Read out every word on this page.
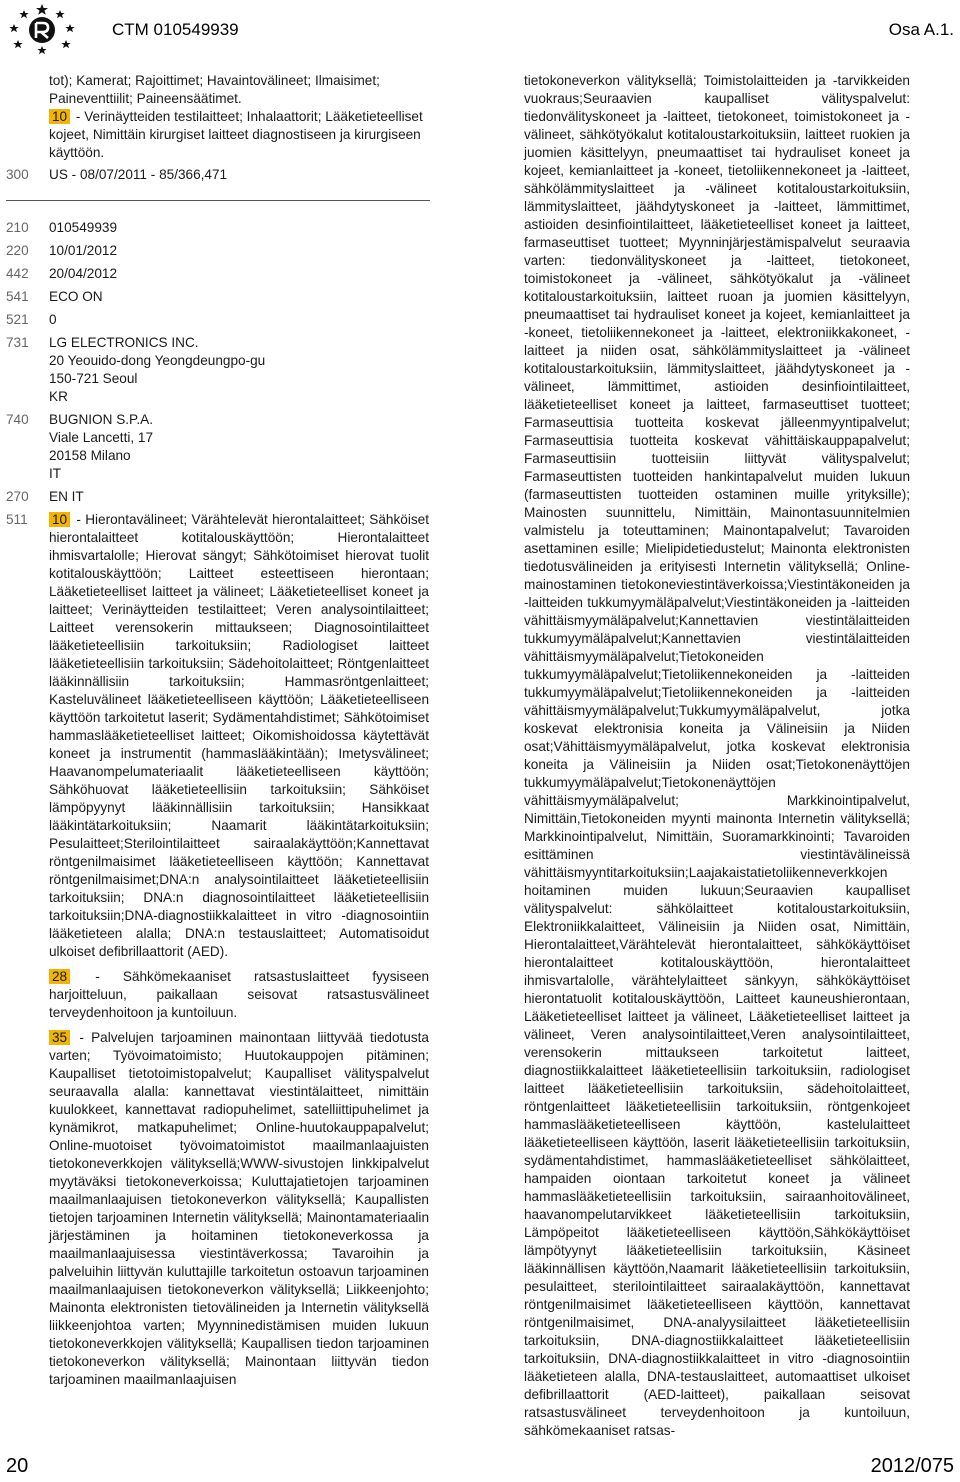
CTM 010549939	Osa A.1.
tot); Kamerat; Rajoittimet; Havaintovälineet; Ilmaisimet; Paineventtiilit; Paineensäätimet.
10 - Verinäytteiden testilaitteet; Inhalaattorit; Lääketieteelliset kojeet, Nimittäin kirurgiset laitteet diagnostiseen ja kirurgiseen käyttöön.
300 US - 08/07/2011 - 85/366,471
210 010549939
220 10/01/2012
442 20/04/2012
541 ECO ON
521 0
731 LG ELECTRONICS INC.
20 Yeouido-dong Yeongdeungpo-gu
150-721 Seoul
KR
740 BUGNION S.P.A.
Viale Lancetti, 17
20158 Milano
IT
270 EN IT
511 10 - Hierontavälineet; Värähtelevät hierontalaitteet; Sähköiset hierontalaitteet kotitalouskäyttöön; Hierontalaitteet ihmisvartalolle; Hierovat sängyt; Sähkötoimiset hierovat tuolit kotitalouskäyttöön; Laitteet esteettiseen hierontaan; Lääketieteelliset laitteet ja välineet; Lääketieteelliset koneet ja laitteet; Verinäytteiden testilaitteet; Veren analysointilaitteet; Laitteet verensokerin mittaukseen; Diagnosointilaitteet lääketieteellisiin tarkoituksiin; Radiologiset laitteet lääketieteellisiin tarkoituksiin; Sädehoitolaitteet; Röntgenlaitteet lääkinnällisiin tarkoituksiin; Hammasröntgenlaitteet; Kasteluvälineet lääketieteelliseen käyttöön; Lääketieteelliseen käyttöön tarkoitetut laserit; Sydämentahdistimet; Sähkötoimiset hammaslääketieteelliset laitteet; Oikomishoidossa käytettävät koneet ja instrumentit (hammaslääkintään); Imetysvälineet; Haavanompelumateriaalit lääketieteelliseen käyttöön; Sähköhuovat lääketieteellisiin tarkoituksiin; Sähköiset lämpöpyynyt lääkinnällisiin tarkoituksiin; Hansikkaat lääkintätarkoituksiin; Naamarit lääkintätarkoituksiin; Pesulaitteet;Sterilointilaitteet sairaalakäyttöön;Kannettavat röntgenilmaisimet lääketieteelliseen käyttöön; Kannettavat röntgenilmaisimet;DNA:n analysointilaitteet lääketieteellisiin tarkoituksiin; DNA:n diagnosointilaitteet lääketieteellisiin tarkoituksiin;DNA-diagnostiikkalaitteet in vitro -diagnosointiin lääketieteen alalla; DNA:n testauslaitteet; Automatisoidut ulkoiset defibrillaattorit (AED).

28 - Sähkömekaaniset ratsastuslaitteet fyysiseen harjoitteluun, paikallaan seisovat ratsastusvälineet terveydenhoitoon ja kuntoiluun.

35 - Palvelujen tarjoaminen mainontaan liittyvää tiedotusta varten; Työvoimatoimisto; Huutokauppojen pitäminen; Kaupalliset tietotoimistopalvelut; Kaupalliset välityspalvelut seuraavalla alalla: kannettavat viestintälaitteet, nimittäin kuulokkeet, kannettavat radiopuhelimet, satelliittipuhelimet ja kynämikrot, matkapuhelimet; Online-huutokauppapalvelut; Online-muotoiset työvoimatoimistot maailmanlaajuisten tietokoneverkkojen välityksellä;WWW-sivustojen linkkipalvelut myytäväksi tietokoneverkoissa; Kuluttajatietojen tarjoaminen maailmanlaajuisen tietokoneverkon välityksellä; Kaupallisten tietojen tarjoaminen Internetin välityksellä; Mainontamateriaalin järjestäminen ja hoitaminen tietokoneverkossa ja maailmanlaajuisessa viestintäverkossa; Tavaroihin ja palveluihin liittyvän kuluttajille tarkoitetun ostoavun tarjoaminen maailmanlaajuisen tietokoneverkon välityksellä; Liikkeenjohto; Mainonta elektronisten tietovälineiden ja Internetin välityksellä liikkeenjohtoa varten; Myynninedistämisen muiden lukuun tietokoneverkkojen välityksellä; Kaupallisen tiedon tarjoaminen tietokoneverkon välityksellä; Mainontaan liittyvän tiedon tarjoaminen maailmanlaajuisen

tietokoneverkon välityksellä; Toimistolaitteiden ja -tarvikkeiden vuokraus;Seuraavien kaupalliset välityspalvelut: tiedonvälityskoneet ja -laitteet, tietokoneet, toimistokoneet ja -välineet, sähkötyökalut kotitaloustarkoituksiin, laitteet ruokien ja juomien käsittelyyn, pneumaattiset tai hydrauliset koneet ja kojeet, kemianlaitteet ja -koneet, tietoliikennekoneet ja -laitteet, sähkölämmityslaitteet ja -välineet kotitaloustarkoituksiin, lämmityslaitteet, jäähdytyskoneet ja -laitteet, lämmittimet, astioiden desinfiointilaitteet, lääketieteelliset koneet ja laitteet, farmaseuttiset tuotteet; Myynninjärjestämispalvelut seuraavia varten: tiedonvälityskoneet ja -laitteet, tietokoneet, toimistokoneet ja -välineet, sähkötyökalut ja -välineet kotitaloustarkoituksiin, laitteet ruoan ja juomien käsittelyyn, pneumaattiset tai hydrauliset koneet ja kojeet, kemianlaitteet ja -koneet, tietoliikennekoneet ja -laitteet, elektroniikkakoneet, -laitteet ja niiden osat, sähkölämmityslaitteet ja -välineet kotitaloustarkoituksiin, lämmityslaitteet, jäähdytyskoneet ja -välineet, lämmittimet, astioiden desinfiointilaitteet, lääketieteelliset koneet ja laitteet, farmaseuttiset tuotteet; Farmaseuttisia tuotteita koskevat jälleenmyyntipalvelut; Farmaseuttisia tuotteita koskevat vähittäiskauppapalvelut; Farmaseuttisiin tuotteisiin liittyvät välityspalvelut; Farmaseuttisten tuotteiden hankintapalvelut muiden lukuun (farmaseuttisten tuotteiden ostaminen muille yrityksille); Mainosten suunnittelu, Nimittäin, Mainontasuunnitelmien valmistelu ja toteuttaminen; Mainontapalvelut; Tavaroiden asettaminen esille; Mielipidetiedustelut; Mainonta elektronisten tiedotusvälineiden ja erityisesti Internetin välityksellä; Online-mainostaminen tietokoneviestintäverkoissa;Viestintäkoneiden ja -laitteiden tukkumyymäläpalvelut;Viestintäkoneiden ja -laitteiden vähittäismyymäläpalvelut;Kannettavien viestintälaitteiden tukkumyymäläpalvelut;Kannettavien viestintälaitteiden vähittäismyymäläpalvelut;Tietokoneiden tukkumyymäläpalvelut;Tietoliikennekoneiden ja -laitteiden tukkumyymäläpalvelut;Tietoliikennekoneiden ja -laitteiden vähittäismyymäläpalvelut;Tukkumyymäläpalvelut, jotka koskevat elektronisia koneita ja Välineisiin ja Niiden osat;Vähittäismyymäläpalvelut, jotka koskevat elektronisia koneita ja Välineisiin ja Niiden osat;Tietokonenäyttöjen tukkumyymäläpalvelut;Tietokonenäyttöjen vähittäismyymäläpalvelut; Markkinointipalvelut, Nimittäin,Tietokoneiden myynti mainonta Internetin välityksellä; Markkinointipalvelut, Nimittäin, Suoramarkkinointi; Tavaroiden esittäminen viestintävälineissä vähittäismyyntitarkoituksiin;Laajakaistatietoliikenneverkkojen hoitaminen muiden lukuun;Seuraavien kaupalliset välityspalvelut: sähkölaitteet kotitaloustarkoituksiin, Elektroniikkalaitteet, Välineisiin ja Niiden osat, Nimittäin, Hierontalaitteet,Värähtelevät hierontalaitteet, sähkökäyttöiset hierontalaitteet kotitalouskäyttöön, hierontalaitteet ihmisvartalolle, värähtelylaitteet sänkyyn, sähkökäyttöiset hierontatuolit kotitalouskäyttöön, Laitteet kauneushierontaan, Lääketieteelliset laitteet ja välineet, Lääketieteelliset laitteet ja välineet, Veren analysointilaitteet,Veren analysointilaitteet, verensokerin mittaukseen tarkoitetut laitteet, diagnostiikkalaitteet lääketieteellisiin tarkoituksiin, radiologiset laitteet lääketieteellisiin tarkoituksiin, sädehoitolaitteet, röntgenlaitteet lääketieteellisiin tarkoituksiin, röntgenkojeet hammaslääketieteelliseen käyttöön, kastelulaitteet lääketieteelliseen käyttöön, laserit lääketieteellisiin tarkoituksiin, sydämentahdistimet, hammaslääketieteelliset sähkölaitteet, hampaiden oiontaan tarkoitetut koneet ja välineet hammaslääketieteellisiin tarkoituksiin, sairaanhoitovälineet, haavanompelutarvikkeet lääketieteellisiin tarkoituksiin, Lämpöpeitot lääketieteelliseen käyttöön,Sähkökäyttöiset lämpötyynyt lääketieteellisiin tarkoituksiin, Käsineet lääkinnällisen käyttöön,Naamarit lääketieteellisiin tarkoituksiin, pesulaitteet, sterilointilaitteet sairaalakäyttöön, kannettavat röntgenilmaisimet lääketieteelliseen käyttöön, kannettavat röntgenilmaisimet, DNA-analyysilaitteet lääketieteellisiin tarkoituksiin, DNA-diagnostiikkalaitteet lääketieteellisiin tarkoituksiin, DNA-diagnostiikkalaitteet in vitro -diagnosointiin lääketieteen alalla, DNA-testauslaitteet, automaattiset ulkoiset defibrillaattorit (AED-laitteet), paikallaan seisovat ratsastusvälineet terveydenhoitoon ja kuntoiluun, sähkömekaaniset ratsas-

20	2012/075
